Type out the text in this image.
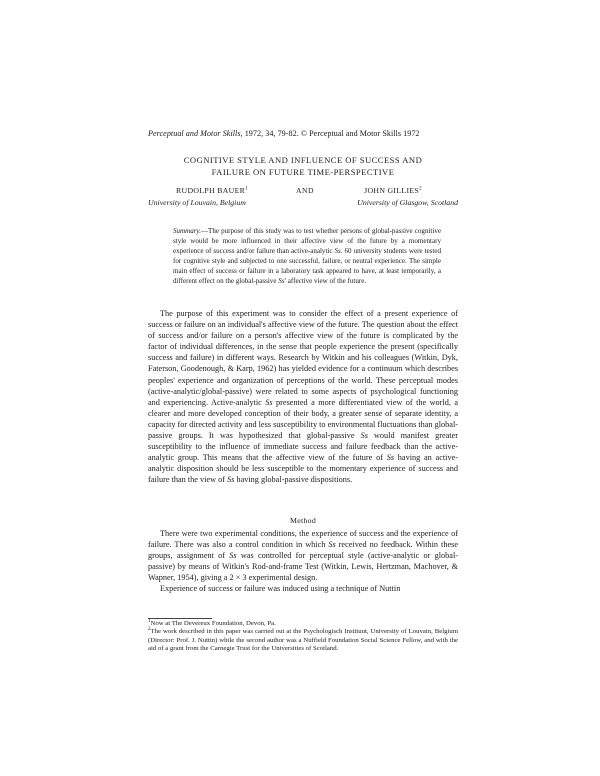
Perceptual and Motor Skills, 1972, 34, 79-82. © Perceptual and Motor Skills 1972
COGNITIVE STYLE AND INFLUENCE OF SUCCESS AND
FAILURE ON FUTURE TIME-PERSPECTIVE
RUDOLPH BAUER$^1$
University of Louvain, Belgium
AND	JOHN GILLIES$^2$
University of Glasgow, Scotland
Summary.—The purpose of this study was to test whether persons of global-passive cognitive style would be more influenced in their affective view of the future by a momentary experience of success and/or failure than active-analytic Ss. 60 university students were tested for cognitive style and subjected to one successful, failure, or neutral experience. The simple main effect of success or failure in a laboratory task appeared to have, at least temporarily, a different effect on the global-passive Ss' affective view of the future.

The purpose of this experiment was to consider the effect of a present experience of success or failure on an individual's affective view of the future. The question about the effect of success and/or failure on a person's affective view of the future is complicated by the factor of individual differences, in the sense that people experience the present (specifically success and failure) in different ways. Research by Witkin and his colleagues (Witkin, Dyk, Faterson, Goodenough, & Karp, 1962) has yielded evidence for a continuum which describes peoples' experience and organization of perceptions of the world. These perceptual modes (active-analytic/global-passive) were related to some aspects of psychological functioning and experiencing. Active-analytic Ss presented a more differentiated view of the world, a clearer and more developed conception of their body, a greater sense of separate identity, a capacity for directed activity and less susceptibility to environmental fluctuations than global-passive groups. It was hypothesized that global-passive Ss would manifest greater susceptibility to the influence of immediate success and failure feedback than the active-analytic group. This means that the affective view of the future of Ss having an active-analytic disposition should be less susceptible to the momentary experience of success and failure than the view of Ss having global-passive dispositions.

Method

There were two experimental conditions, the experience of success and the experience of failure. There was also a control condition in which Ss received no feedback. Within these groups, assignment of Ss was controlled for perceptual style (active-analytic or global-passive) by means of Witkin's Rod-and-frame Test (Witkin, Lewis, Hertzman, Machover, & Wapner, 1954), giving a 2 × 3 experimental design.

Experience of success or failure was induced using a technique of Nuttin

$^1$Now at The Devereux Foundation, Devon, Pa.

$^2$The work described in this paper was carried out at the Psychologisch Instituut, University of Louvain, Belgium (Director: Prof. J. Nuttin) while the second author was a Nuffield Foundation Social Science Fellow, and with the aid of a grant from the Carnegie Trust for the Universities of Scotland.
